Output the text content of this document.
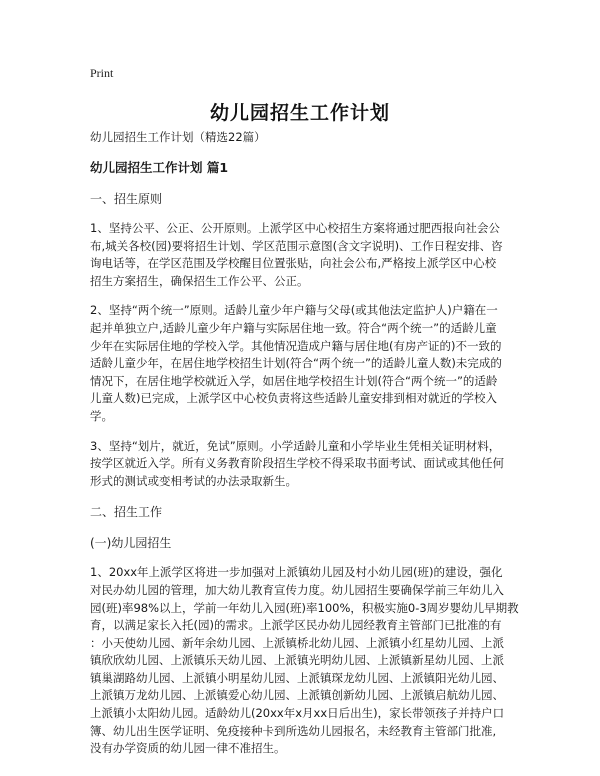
Print
幼儿园招生工作计划
幼儿园招生工作计划（精选22篇）
幼儿园招生工作计划 篇1
一、招生原则
1、坚持公平、公正、公开原则。上派学区中心校招生方案将通过肥西报向社会公
布,城关各校(园)要将招生计划、学区范围示意图(含文字说明)、工作日程安排、咨
询电话等，在学区范围及学校醒目位置张贴，向社会公布,严格按上派学区中心校
招生方案招生，确保招生工作公平、公正。
2、坚持“两个统一”原则。适龄儿童少年户籍与父母(或其他法定监护人)户籍在一
起并单独立户,适龄儿童少年户籍与实际居住地一致。符合“两个统一”的适龄儿童
少年在实际居住地的学校入学。其他情况造成户籍与居住地(有房产证的)不一致的
适龄儿童少年，在居住地学校招生计划(符合“两个统一”的适龄儿童人数)未完成的
情况下，在居住地学校就近入学，如居住地学校招生计划(符合“两个统一”的适龄
儿童人数)已完成，上派学区中心校负责将这些适龄儿童安排到相对就近的学校入
学。
3、坚持“划片，就近，免试”原则。小学适龄儿童和小学毕业生凭相关证明材料，
按学区就近入学。所有义务教育阶段招生学校不得采取书面考试、面试或其他任何
形式的测试或变相考试的办法录取新生。
二、招生工作
(一)幼儿园招生
1、20xx年上派学区将进一步加强对上派镇幼儿园及村小幼儿园(班)的建设，强化
对民办幼儿园的管理，加大幼儿教育宣传力度。幼儿园招生要确保学前三年幼儿入
园(班)率98%以上，学前一年幼儿入园(班)率100%，积极实施0-3周岁婴幼儿早期教
育，以满足家长入托(园)的需求。上派学区民办幼儿园经教育主管部门已批准的有
：小天使幼儿园、新年余幼儿园、上派镇桥北幼儿园、上派镇小红星幼儿园、上派
镇欣欣幼儿园、上派镇乐天幼儿园、上派镇光明幼儿园、上派镇新星幼儿园、上派
镇巢湖路幼儿园、上派镇小明星幼儿园、上派镇琛龙幼儿园、上派镇阳光幼儿园、
上派镇万龙幼儿园、上派镇爱心幼儿园、上派镇创新幼儿园、上派镇启航幼儿园、
上派镇小太阳幼儿园。适龄幼儿(20xx年x月xx日后出生)，家长带领孩子并持户口
簿、幼儿出生医学证明、免疫接种卡到所选幼儿园报名，未经教育主管部门批准,
没有办学资质的幼儿园一律不准招生。
